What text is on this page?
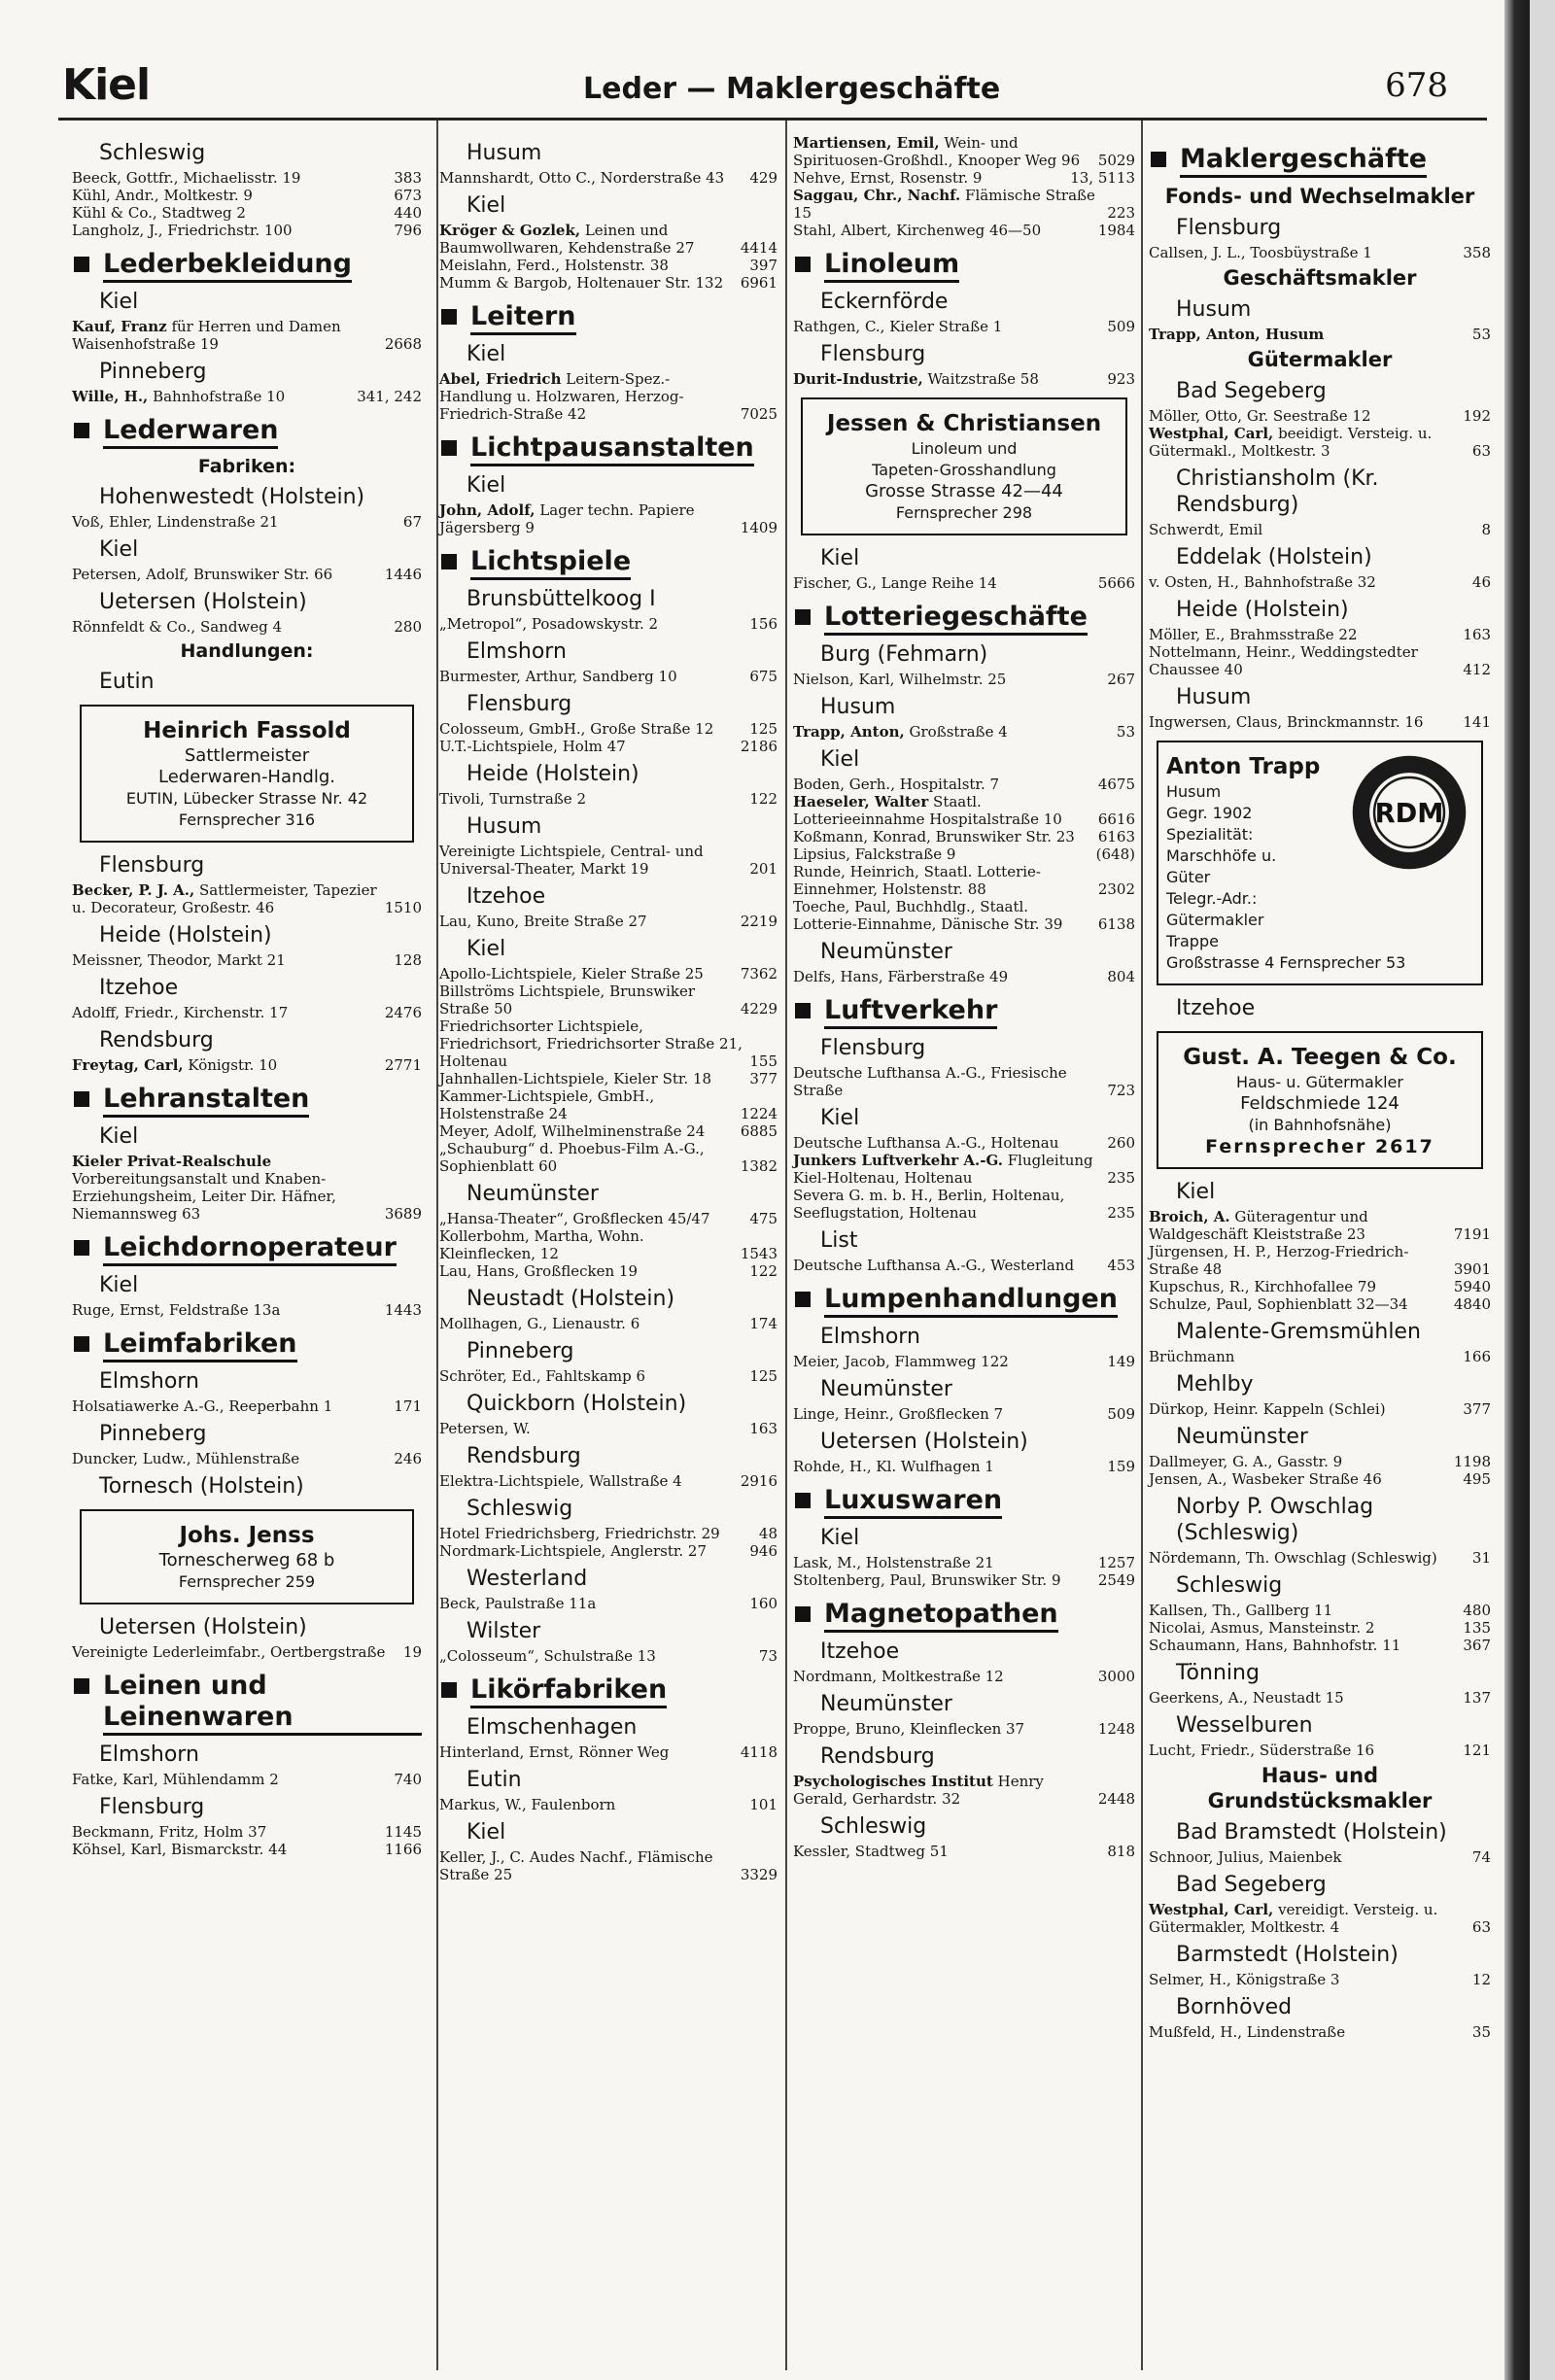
Kiel	Leder — Maklergeschäfte	678
Schleswig
Beeck, Gottfr., Michaelisstr. 19	383
Kühl, Andr., Moltkestr. 9	673
Kühl & Co., Stadtweg 2	440
Langholz, J., Friedrichstr. 100	796
Lederbekleidung
Kiel
Kauf, Franz für Herren und Damen Waisenhofstraße 19	2668
Pinneberg
Wille, H., Bahnhofstraße 10	341, 242
Lederwaren
Fabriken:
Hohenwestedt (Holstein)
Voß, Ehler, Lindenstraße 21	67
Kiel
Petersen, Adolf, Brunswiker Str. 66	1446
Uetersen (Holstein)
Rönnfeldt & Co., Sandweg 4	280
Handlungen:
Eutin
Heinrich Fassold
Sattlermeister
Lederwaren-Handlg.
EUTIN, Lübecker Strasse Nr. 42
Fernsprecher 316
Flensburg
Becker, P. J. A., Sattlermeister, Tapezier u. Decorateur, Großestr. 46	1510
Heide (Holstein)
Meissner, Theodor, Markt 21	128
Itzehoe
Adolff, Friedr., Kirchenstr. 17	2476
Rendsburg
Freytag, Carl, Königstr. 10	2771
Lehranstalten
Kiel
Kieler Privat-Realschule Vorbereitungsanstalt und Knaben-Erziehungsheim, Leiter Dir. Häfner, Niemannsweg 63	3689
Leichdornoperateur
Kiel
Ruge, Ernst, Feldstraße 13a	1443
Leimfabriken
Elmshorn
Holsatiawerke A.-G., Reeperbahn 1	171
Pinneberg
Duncker, Ludw., Mühlenstraße	246
Tornesch (Holstein)
Johs. Jenss
Tornescherweg 68 b
Fernsprecher 259
Uetersen (Holstein)
Vereinigte Lederleimfabr., Oertbergstraße	19
Leinen und Leinenwaren
Elmshorn
Fatke, Karl, Mühlendamm 2	740
Flensburg
Beckmann, Fritz, Holm 37	1145
Köhsel, Karl, Bismarckstr. 44	1166
Husum
Mannshardt, Otto C., Norderstraße 43	429
Kiel
Kröger & Gozlek, Leinen und Baumwollwaren, Kehdenstraße 27	4414
Meislahn, Ferd., Holstenstr. 38	397
Mumm & Bargob, Holtenauer Str. 132	6961
Leitern
Kiel
Abel, Friedrich Leitern-Spez.-Handlung u. Holzwaren, Herzog-Friedrich-Straße 42	7025
Lichtpausanstalten
Kiel
John, Adolf, Lager techn. Papiere Jägersberg 9	1409
Lichtspiele
Brunsbüttelkoog I
„Metropol“, Posadowskystr. 2	156
Elmshorn
Burmester, Arthur, Sandberg 10	675
Flensburg
Colosseum, GmbH., Große Straße 12	125
U.T.-Lichtspiele, Holm 47	2186
Heide (Holstein)
Tivoli, Turnstraße 2	122
Husum
Vereinigte Lichtspiele, Central- und Universal-Theater, Markt 19	201
Itzehoe
Lau, Kuno, Breite Straße 27	2219
Kiel
Apollo-Lichtspiele, Kieler Straße 25	7362
Billströms Lichtspiele, Brunswiker Straße 50	4229
Friedrichsorter Lichtspiele, Friedrichsort, Friedrichsorter Straße 21, Holtenau	155
Jahnhallen-Lichtspiele, Kieler Str. 18	377
Kammer-Lichtspiele, GmbH., Holstenstraße 24	1224
Meyer, Adolf, Wilhelminenstraße 24	6885
„Schauburg“ d. Phoebus-Film A.-G., Sophienblatt 60	1382
Neumünster
„Hansa-Theater“, Großflecken 45/47	475
Kollerbohm, Martha, Wohn. Kleinflecken, 12	1543
Lau, Hans, Großflecken 19	122
Neustadt (Holstein)
Mollhagen, G., Lienaustr. 6	174
Pinneberg
Schröter, Ed., Fahltskamp 6	125
Quickborn (Holstein)
Petersen, W.	163
Rendsburg
Elektra-Lichtspiele, Wallstraße 4	2916
Schleswig
Hotel Friedrichsberg, Friedrichstr. 29	48
Nordmark-Lichtspiele, Anglerstr. 27	946
Westerland
Beck, Paulstraße 11a	160
Wilster
„Colosseum“, Schulstraße 13	73
Likörfabriken
Elmschenhagen
Hinterland, Ernst, Rönner Weg	4118
Eutin
Markus, W., Faulenborn	101
Kiel
Keller, J., C. Audes Nachf., Flämische Straße 25	3329
Martiensen, Emil, Wein- und Spirituosen-Großhdl., Knooper Weg 96	5029
Nehve, Ernst, Rosenstr. 9	13, 5113
Saggau, Chr., Nachf. Flämische Straße 15	223
Stahl, Albert, Kirchenweg 46—50	1984
Linoleum
Eckernförde
Rathgen, C., Kieler Straße 1	509
Flensburg
Durit-Industrie, Waitzstraße 58	923
Jessen & Christiansen
Linoleum und
Tapeten-Grosshandlung
Grosse Strasse 42—44
Fernsprecher 298
Kiel
Fischer, G., Lange Reihe 14	5666
Lotteriegeschäfte
Burg (Fehmarn)
Nielson, Karl, Wilhelmstr. 25	267
Husum
Trapp, Anton, Großstraße 4	53
Kiel
Boden, Gerh., Hospitalstr. 7	4675
Haeseler, Walter Staatl. Lotterieeinnahme Hospitalstraße 10	6616
Koßmann, Konrad, Brunswiker Str. 23	6163
Lipsius, Falckstraße 9	(648)
Runde, Heinrich, Staatl. Lotterie-Einnehmer, Holstenstr. 88	2302
Toeche, Paul, Buchhdlg., Staatl. Lotterie-Einnahme, Dänische Str. 39	6138
Neumünster
Delfs, Hans, Färberstraße 49	804
Luftverkehr
Flensburg
Deutsche Lufthansa A.-G., Friesische Straße	723
Kiel
Deutsche Lufthansa A.-G., Holtenau	260
Junkers Luftverkehr A.-G. Flugleitung Kiel-Holtenau, Holtenau	235
Severa G. m. b. H., Berlin, Holtenau, Seeflugstation, Holtenau	235
List
Deutsche Lufthansa A.-G., Westerland	453
Lumpenhandlungen
Elmshorn
Meier, Jacob, Flammweg 122	149
Neumünster
Linge, Heinr., Großflecken 7	509
Uetersen (Holstein)
Rohde, H., Kl. Wulfhagen 1	159
Luxuswaren
Kiel
Lask, M., Holstenstraße 21	1257
Stoltenberg, Paul, Brunswiker Str. 9	2549
Magnetopathen
Itzehoe
Nordmann, Moltkestraße 12	3000
Neumünster
Proppe, Bruno, Kleinflecken 37	1248
Rendsburg
Psychologisches Institut Henry Gerald, Gerhardstr. 32	2448
Schleswig
Kessler, Stadtweg 51	818
Maklergeschäfte
Fonds- und Wechselmakler
Flensburg
Callsen, J. L., Toosbüystraße 1	358
Geschäftsmakler
Husum
Trapp, Anton, Husum	53
Gütermakler
Bad Segeberg
Möller, Otto, Gr. Seestraße 12	192
Westphal, Carl, beeidigt. Versteig. u. Gütermakl., Moltkestr. 3	63
Christiansholm (Kr. Rendsburg)
Schwerdt, Emil	8
Eddelak (Holstein)
v. Osten, H., Bahnhofstraße 32	46
Heide (Holstein)
Möller, E., Brahmsstraße 22	163
Nottelmann, Heinr., Weddingstedter Chaussee 40	412
Husum
Ingwersen, Claus, Brinckmannstr. 16	141
RDM
Anton Trapp
Husum
Gegr. 1902
Spezialität:
Marschhöfe u.
Güter
Telegr.-Adr.:
Gütermakler
Trappe
Großstrasse 4 Fernsprecher 53
Itzehoe
Gust. A. Teegen & Co.
Haus- u. Gütermakler
Feldschmiede 124
(in Bahnhofsnähe)
Fernsprecher 2617
Kiel
Broich, A. Güteragentur und Waldgeschäft Kleiststraße 23	7191
Jürgensen, H. P., Herzog-Friedrich-Straße 48	3901
Kupschus, R., Kirchhofallee 79	5940
Schulze, Paul, Sophienblatt 32—34	4840
Malente-Gremsmühlen
Brüchmann	166
Mehlby
Dürkop, Heinr. Kappeln (Schlei)	377
Neumünster
Dallmeyer, G. A., Gasstr. 9	1198
Jensen, A., Wasbeker Straße 46	495
Norby P. Owschlag (Schleswig)
Nördemann, Th. Owschlag (Schleswig)	31
Schleswig
Kallsen, Th., Gallberg 11	480
Nicolai, Asmus, Mansteinstr. 2	135
Schaumann, Hans, Bahnhofstr. 11	367
Tönning
Geerkens, A., Neustadt 15	137
Wesselburen
Lucht, Friedr., Süderstraße 16	121
Haus- und Grundstücksmakler
Bad Bramstedt (Holstein)
Schnoor, Julius, Maienbek	74
Bad Segeberg
Westphal, Carl, vereidigt. Versteig. u. Gütermakler, Moltkestr. 4	63
Barmstedt (Holstein)
Selmer, H., Königstraße 3	12
Bornhöved
Mußfeld, H., Lindenstraße	35
